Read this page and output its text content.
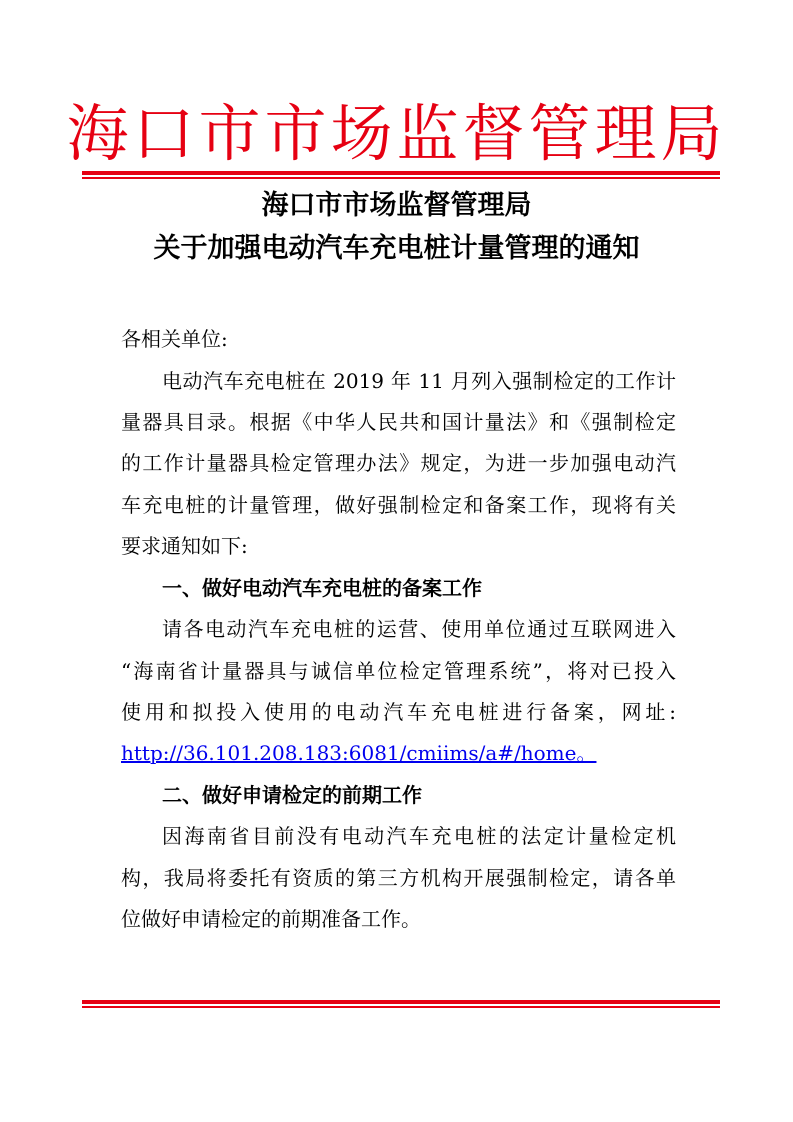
海口市市场监督管理局
海口市市场监督管理局
关于加强电动汽车充电桩计量管理的通知
各相关单位:
电动汽车充电桩在 2019 年 11 月列入强制检定的工作计
量器具目录。根据《中华人民共和国计量法》和《强制检定
的工作计量器具检定管理办法》规定，为进一步加强电动汽
车充电桩的计量管理，做好强制检定和备案工作，现将有关
要求通知如下:
一、做好电动汽车充电桩的备案工作
请各电动汽车充电桩的运营、使用单位通过互联网进入
“海南省计量器具与诚信单位检定管理系统”，将对已投入
使用和拟投入使用的电动汽车充电桩进行备案，网址:
http://36.101.208.183:6081/cmiims/a#/home。
二、做好申请检定的前期工作
因海南省目前没有电动汽车充电桩的法定计量检定机
构，我局将委托有资质的第三方机构开展强制检定，请各单
位做好申请检定的前期准备工作。
